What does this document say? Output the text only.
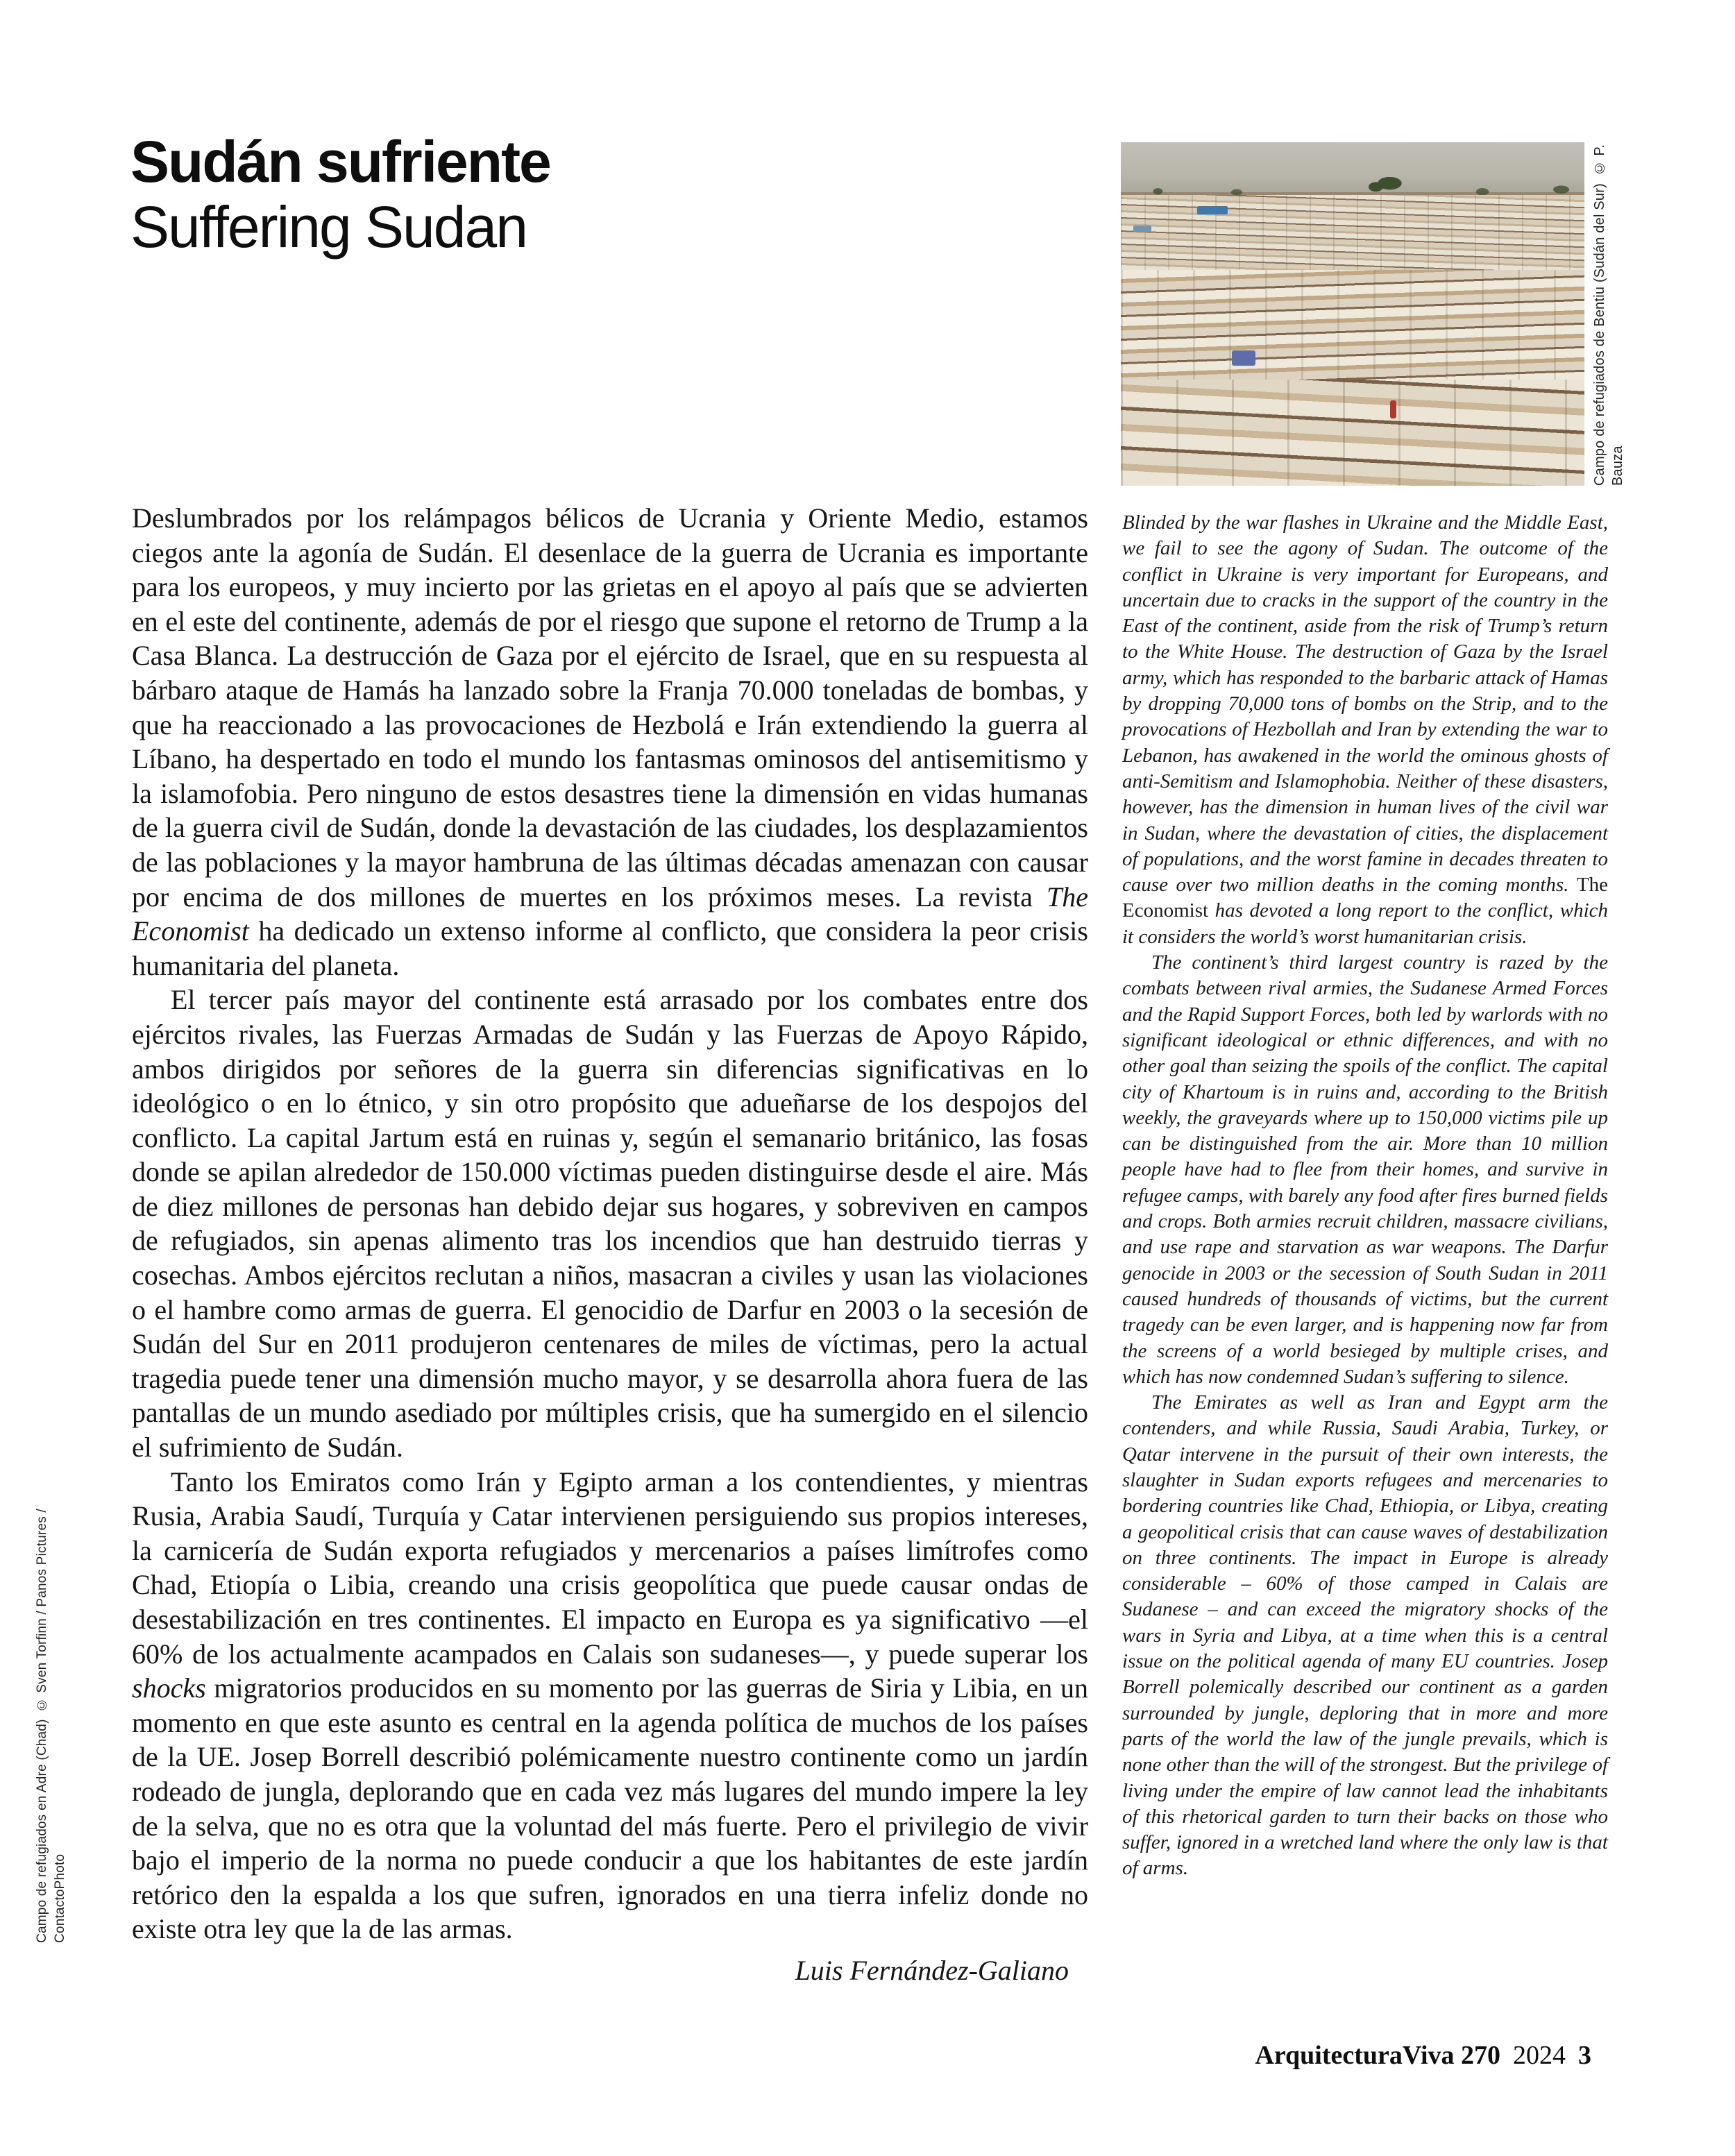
Sudán sufriente
Suffering Sudan	Campo de refugiados de Bentiu (Sudán del Sur)  © P. Bauza
Campo de refugiados en Adre (Chad)  © Sven Torfinn / Panos Pictures / ContactoPhoto

Deslumbrados por los relámpagos bélicos de Ucrania y Oriente Medio, estamos ciegos ante la agonía de Sudán. El desenlace de la guerra de Ucrania es importante para los europeos, y muy incierto por las grietas en el apoyo al país que se advierten en el este del continente, además de por el riesgo que supone el retorno de Trump a la Casa Blanca. La destrucción de Gaza por el ejército de Israel, que en su respuesta al bárbaro ataque de Hamás ha lanzado sobre la Franja 70.000 toneladas de bombas, y que ha reaccionado a las provocaciones de Hezbolá e Irán extendiendo la guerra al Líbano, ha despertado en todo el mundo los fantasmas ominosos del antisemitismo y la islamofobia. Pero ninguno de estos desastres tiene la dimensión en vidas humanas de la guerra civil de Sudán, donde la devastación de las ciudades, los desplazamientos de las poblaciones y la mayor hambruna de las últimas décadas amenazan con causar por encima de dos millones de muertes en los próximos meses. La revista The Economist ha dedicado un extenso informe al conflicto, que considera la peor crisis humanitaria del planeta.

El tercer país mayor del continente está arrasado por los combates entre dos ejércitos rivales, las Fuerzas Armadas de Sudán y las Fuerzas de Apoyo Rápido, ambos dirigidos por señores de la guerra sin diferencias significativas en lo ideológico o en lo étnico, y sin otro propósito que adueñarse de los despojos del conflicto. La capital Jartum está en ruinas y, según el semanario británico, las fosas donde se apilan alrededor de 150.000 víctimas pueden distinguirse desde el aire. Más de diez millones de personas han debido dejar sus hogares, y sobreviven en campos de refugiados, sin apenas alimento tras los incendios que han destruido tierras y cosechas. Ambos ejércitos reclutan a niños, masacran a civiles y usan las violaciones o el hambre como armas de guerra. El genocidio de Darfur en 2003 o la secesión de Sudán del Sur en 2011 produjeron centenares de miles de víctimas, pero la actual tragedia puede tener una dimensión mucho mayor, y se desarrolla ahora fuera de las pantallas de un mundo asediado por múltiples crisis, que ha sumergido en el silencio el sufrimiento de Sudán.

Tanto los Emiratos como Irán y Egipto arman a los contendientes, y mientras Rusia, Arabia Saudí, Turquía y Catar intervienen persiguiendo sus propios intereses, la carnicería de Sudán exporta refugiados y mercenarios a países limítrofes como Chad, Etiopía o Libia, creando una crisis geopolítica que puede causar ondas de desestabilización en tres continentes. El impacto en Europa es ya significativo —el 60% de los actualmente acampados en Calais son sudaneses—, y puede superar los shocks migratorios producidos en su momento por las guerras de Siria y Libia, en un momento en que este asunto es central en la agenda política de muchos de los países de la UE. Josep Borrell describió polémicamente nuestro continente como un jardín rodeado de jungla, deplorando que en cada vez más lugares del mundo impere la ley de la selva, que no es otra que la voluntad del más fuerte. Pero el privilegio de vivir bajo el imperio de la norma no puede conducir a que los habitantes de este jardín retórico den la espalda a los que sufren, ignorados en una tierra infeliz donde no existe otra ley que la de las armas.

Luis Fernández-Galiano

Blinded by the war flashes in Ukraine and the Middle East, we fail to see the agony of Sudan. The outcome of the conflict in Ukraine is very important for Europeans, and uncertain due to cracks in the support of the country in the East of the continent, aside from the risk of Trump’s return to the White House. The destruction of Gaza by the Israel army, which has responded to the barbaric attack of Hamas by dropping 70,000 tons of bombs on the Strip, and to the provocations of Hezbollah and Iran by extending the war to Lebanon, has awakened in the world the ominous ghosts of anti-Semitism and Islamophobia. Neither of these disasters, however, has the dimension in human lives of the civil war in Sudan, where the devastation of cities, the displacement of populations, and the worst famine in decades threaten to cause over two million deaths in the coming months. The Economist has devoted a long report to the conflict, which it considers the world’s worst humanitarian crisis.

The continent’s third largest country is razed by the combats between rival armies, the Sudanese Armed Forces and the Rapid Support Forces, both led by warlords with no significant ideological or ethnic differences, and with no other goal than seizing the spoils of the conflict. The capital city of Khartoum is in ruins and, according to the British weekly, the graveyards where up to 150,000 victims pile up can be distinguished from the air. More than 10 million people have had to flee from their homes, and survive in refugee camps, with barely any food after fires burned fields and crops. Both armies recruit children, massacre civilians, and use rape and starvation as war weapons. The Darfur genocide in 2003 or the secession of South Sudan in 2011 caused hundreds of thousands of victims, but the current tragedy can be even larger, and is happening now far from the screens of a world besieged by multiple crises, and which has now condemned Sudan’s suffering to silence.

The Emirates as well as Iran and Egypt arm the contenders, and while Russia, Saudi Arabia, Turkey, or Qatar intervene in the pursuit of their own interests, the slaughter in Sudan exports refugees and mercenaries to bordering countries like Chad, Ethiopia, or Libya, creating a geopolitical crisis that can cause waves of destabilization on three continents. The impact in Europe is already considerable – 60% of those camped in Calais are Sudanese – and can exceed the migratory shocks of the wars in Syria and Libya, at a time when this is a central issue on the political agenda of many EU countries. Josep Borrell polemically described our continent as a garden surrounded by jungle, deploring that in more and more parts of the world the law of the jungle prevails, which is none other than the will of the strongest. But the privilege of living under the empire of law cannot lead the inhabitants of this rhetorical garden to turn their backs on those who suffer, ignored in a wretched land where the only law is that of arms.

ArquitecturaViva 270 2024 3
